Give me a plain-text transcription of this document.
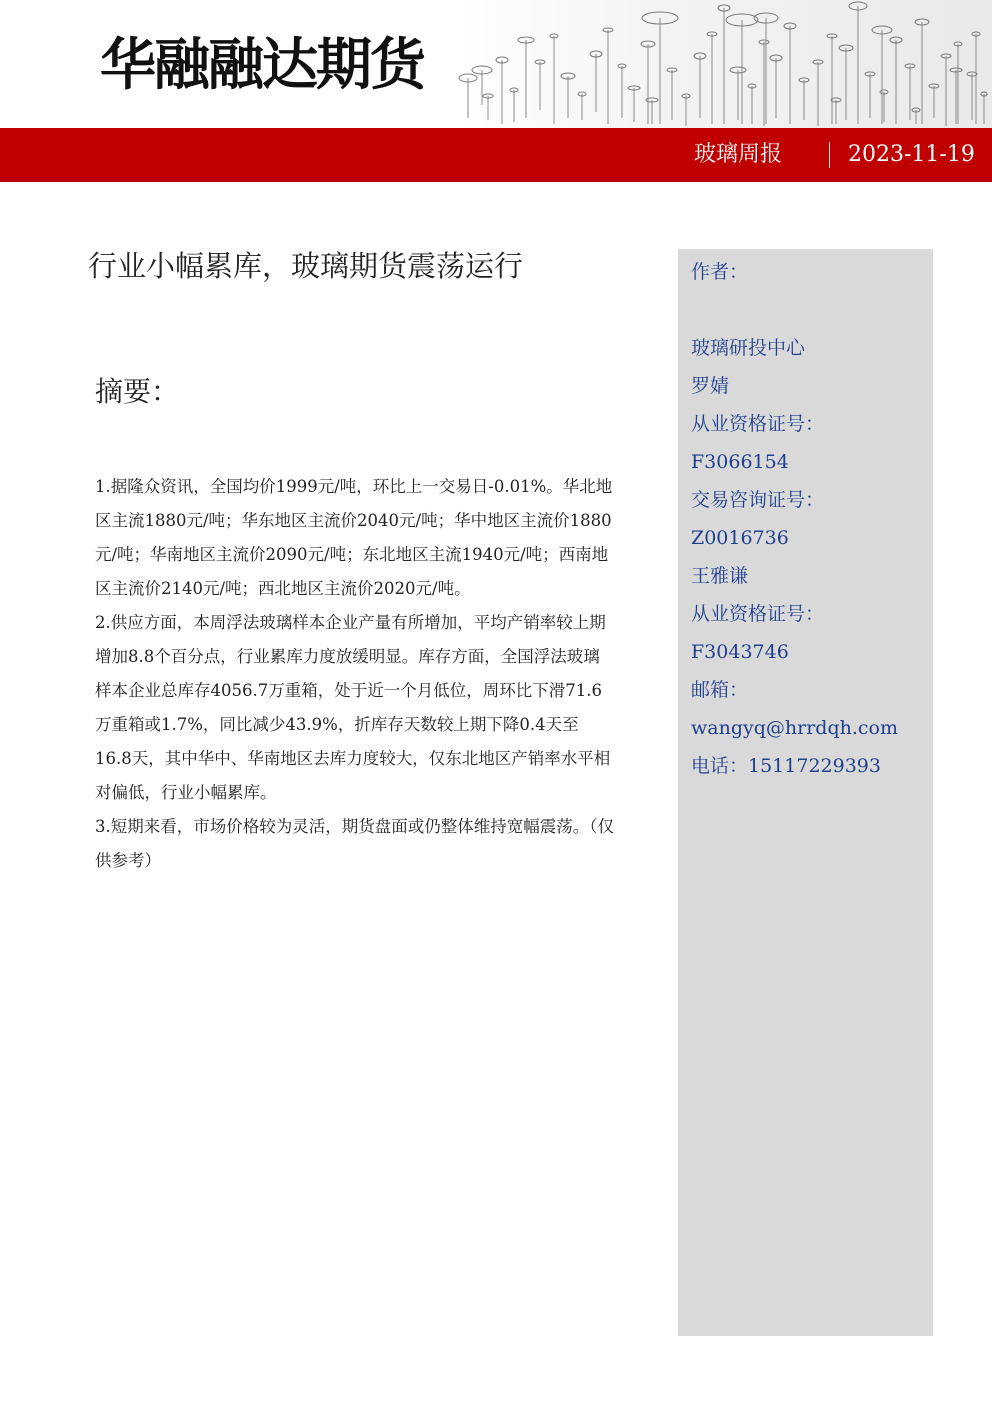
华融融达期货
玻璃周报	2023-11-19
行业小幅累库，玻璃期货震荡运行
摘要：

1.据隆众资讯，全国均价1999元/吨，环比上一交易日-0.01%。华北地区主流1880元/吨；华东地区主流价2040元/吨；华中地区主流价1880元/吨；华南地区主流价2090元/吨；东北地区主流1940元/吨；西南地区主流价2140元/吨；西北地区主流价2020元/吨。

2.供应方面，本周浮法玻璃样本企业产量有所增加，平均产销率较上期增加8.8个百分点，行业累库力度放缓明显。库存方面，全国浮法玻璃样本企业总库存4056.7万重箱，处于近一个月低位，周环比下滑71.6万重箱或1.7%，同比减少43.9%，折库存天数较上期下降0.4天至16.8天，其中华中、华南地区去库力度较大，仅东北地区产销率水平相对偏低，行业小幅累库。

3.短期来看，市场价格较为灵活，期货盘面或仍整体维持宽幅震荡。（仅供参考）

作者：

玻璃研投中心
罗婧
从业资格证号：
F3066154
交易咨询证号：
Z0016736
王雅谦
从业资格证号：
F3043746
邮箱：
wangyq@hrrdqh.com
电话：15117229393
